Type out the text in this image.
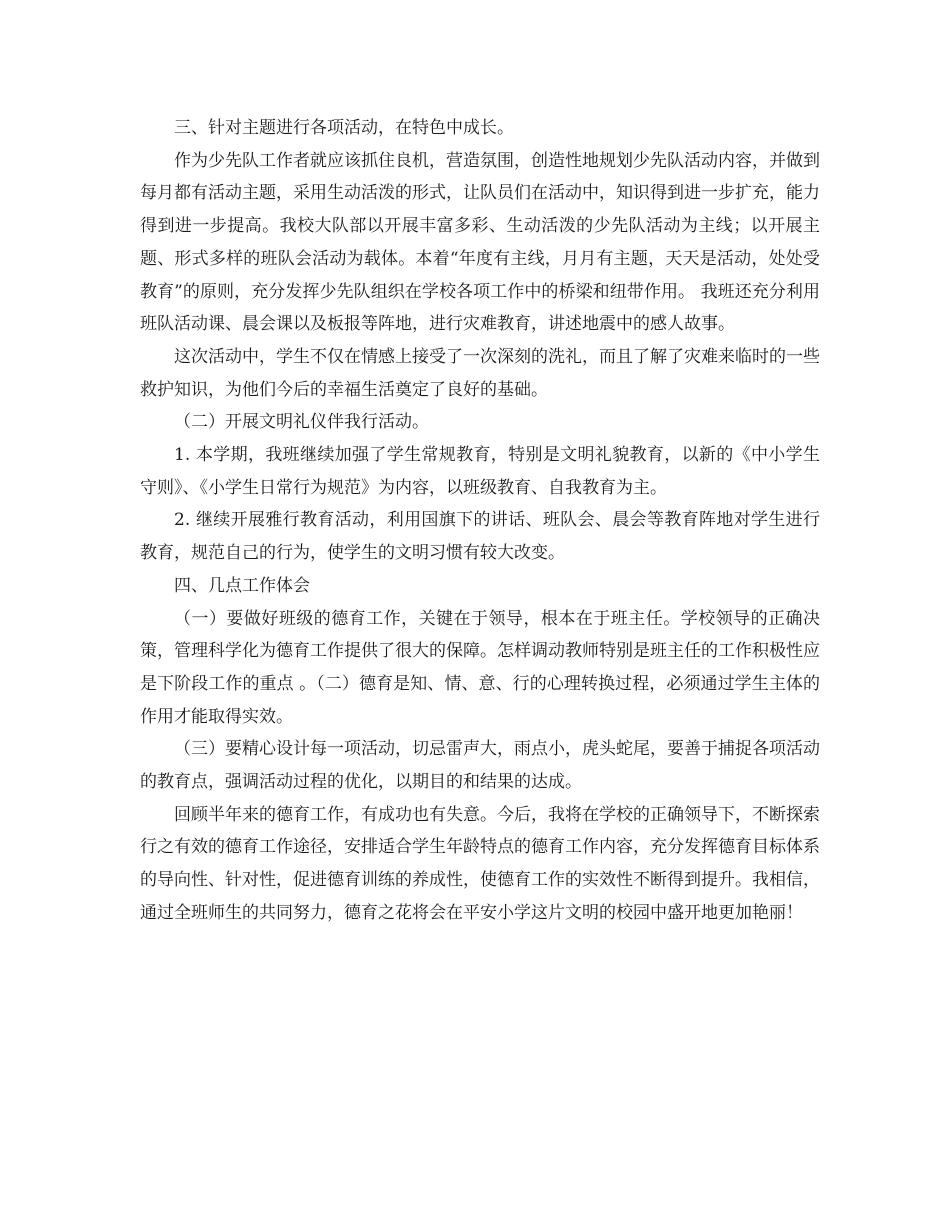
三、针对主题进行各项活动，在特色中成长。

作为少先队工作者就应该抓住良机，营造氛围，创造性地规划少先队活动内容，并做到每月都有活动主题，采用生动活泼的形式，让队员们在活动中，知识得到进一步扩充，能力得到进一步提高。我校大队部以开展丰富多彩、生动活泼的少先队活动为主线；以开展主题、形式多样的班队会活动为载体。本着“年度有主线，月月有主题，天天是活动，处处受教育”的原则，充分发挥少先队组织在学校各项工作中的桥梁和纽带作用。 我班还充分利用班队活动课、晨会课以及板报等阵地，进行灾难教育，讲述地震中的感人故事。

这次活动中，学生不仅在情感上接受了一次深刻的洗礼，而且了解了灾难来临时的一些救护知识，为他们今后的幸福生活奠定了良好的基础。

（二）开展文明礼仪伴我行活动。

1. 本学期，我班继续加强了学生常规教育，特别是文明礼貌教育，以新的《中小学生守则》、《小学生日常行为规范》为内容，以班级教育、自我教育为主。

2. 继续开展雅行教育活动，利用国旗下的讲话、班队会、晨会等教育阵地对学生进行教育，规范自己的行为，使学生的文明习惯有较大改变。

四、几点工作体会

（一）要做好班级的德育工作，关键在于领导，根本在于班主任。学校领导的正确决策，管理科学化为德育工作提供了很大的保障。怎样调动教师特别是班主任的工作积极性应是下阶段工作的重点 。（二）德育是知、情、意、行的心理转换过程，必须通过学生主体的作用才能取得实效。

（三）要精心设计每一项活动，切忌雷声大，雨点小，虎头蛇尾，要善于捕捉各项活动的教育点，强调活动过程的优化，以期目的和结果的达成。

回顾半年来的德育工作，有成功也有失意。今后，我将在学校的正确领导下，不断探索行之有效的德育工作途径，安排适合学生年龄特点的德育工作内容，充分发挥德育目标体系的导向性、针对性，促进德育训练的养成性，使德育工作的实效性不断得到提升。我相信，通过全班师生的共同努力，德育之花将会在平安小学这片文明的校园中盛开地更加艳丽！
